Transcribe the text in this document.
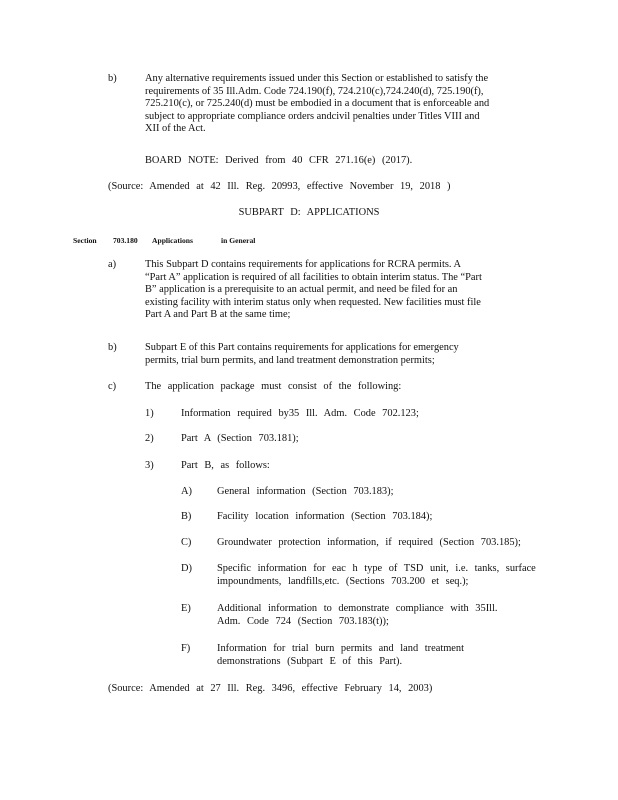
b)	Any alternative requirements issued under this Section or established to satisfy the
requirements of 35 Ill.Adm. Code 724.190(f), 724.210(c),724.240(d), 725.190(f),
725.210(c), or 725.240(d) must be embodied in a document that is enforceable and
subject to appropriate compliance orders andcivil penalties under Titles VIII and
XII of the Act.
BOARD NOTE: Derived from 40 CFR 271.16(e) (2017).
(Source: Amended at 42 Ill. Reg. 20993, effective November 19, 2018 )
SUBPART D: APPLICATIONS
Section 703.180 Applications	in General
a)	This Subpart D contains requirements for applications for RCRA permits. A
“Part A” application is required of all facilities to obtain interim status. The “Part
B” application is a prerequisite to an actual permit, and need be filed for an
existing facility with interim status only when requested. New facilities must file
Part A and Part B at the same time;
b)	Subpart E of this Part contains requirements for applications for emergency
permits, trial burn permits, and land treatment demonstration permits;
c)	The application package must consist of the following:
1)	Information required by35 Ill. Adm. Code 702.123;
2)	Part A (Section 703.181);
3)	Part B, as follows:
A) General information (Section 703.183);
B) Facility location information (Section 703.184);
C) Groundwater protection information, if required (Section 703.185);
D) Specific information for eac h type of TSD unit, i.e. tanks, surface
impoundments, landfills,etc. (Sections 703.200 et seq.);
E)	Additional information to demonstrate compliance with 35Ill.
Adm. Code 724 (Section 703.183(t));
F)	Information for trial burn permits and land treatment
demonstrations (Subpart E of this Part).
(Source: Amended at 27 Ill. Reg. 3496, effective February 14, 2003)
